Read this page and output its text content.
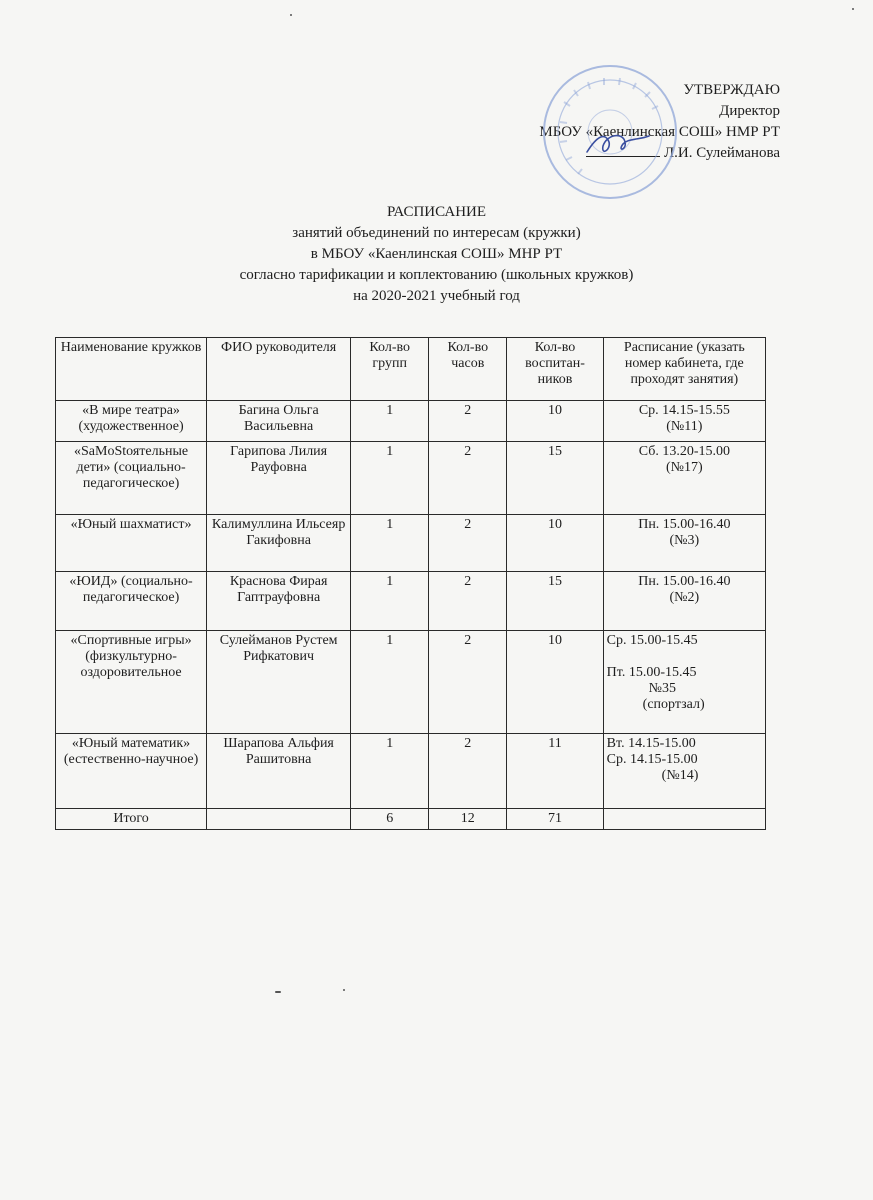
УТВЕРЖДАЮ
Директор
МБОУ «Каенлинская СОШ» НМР РТ
Л.И. Сулейманова
РАСПИСАНИЕ
занятий объединений по интересам (кружки)
в МБОУ «Каенлинская СОШ» МНР РТ
согласно тарификации и коплектованию (школьных кружков)
на 2020-2021 учебный год
Наименование кружков	ФИО руководителя	Кол-во групп	Кол-во часов	Кол-во воспитан-ников	Расписание (указать номер кабинета, где проходят занятия)
«В мире театра» (художественное)	Багина Ольга Васильевна	1	2	10	Ср. 14.15-15.55
(№11)

«SaMoStоятельные дети» (социально-педагогическое)	Гарипова Лилия Рауфовна	1	2	15	Сб. 13.20-15.00
(№17)

«Юный шахматист»	Калимуллина Ильсеяр Гакифовна	1	2	10	Пн. 15.00-16.40
(№3)

«ЮИД» (социально-педагогическое)	Краснова Фирая Гаптрауфовна	1	2	15	Пн. 15.00-16.40
(№2)

«Спортивные игры» (физкультурно-оздоровительное	Сулейманов Рустем Рифкатович	1	2	10	Ср. 15.00-15.45
Пт. 15.00-15.45
№35
(спортзал)

«Юный математик» (естественно-научное)	Шарапова Альфия Рашитовна	1	2	11	Вт. 14.15-15.00
Ср. 14.15-15.00
(№14)

Итого		6	12	71	
